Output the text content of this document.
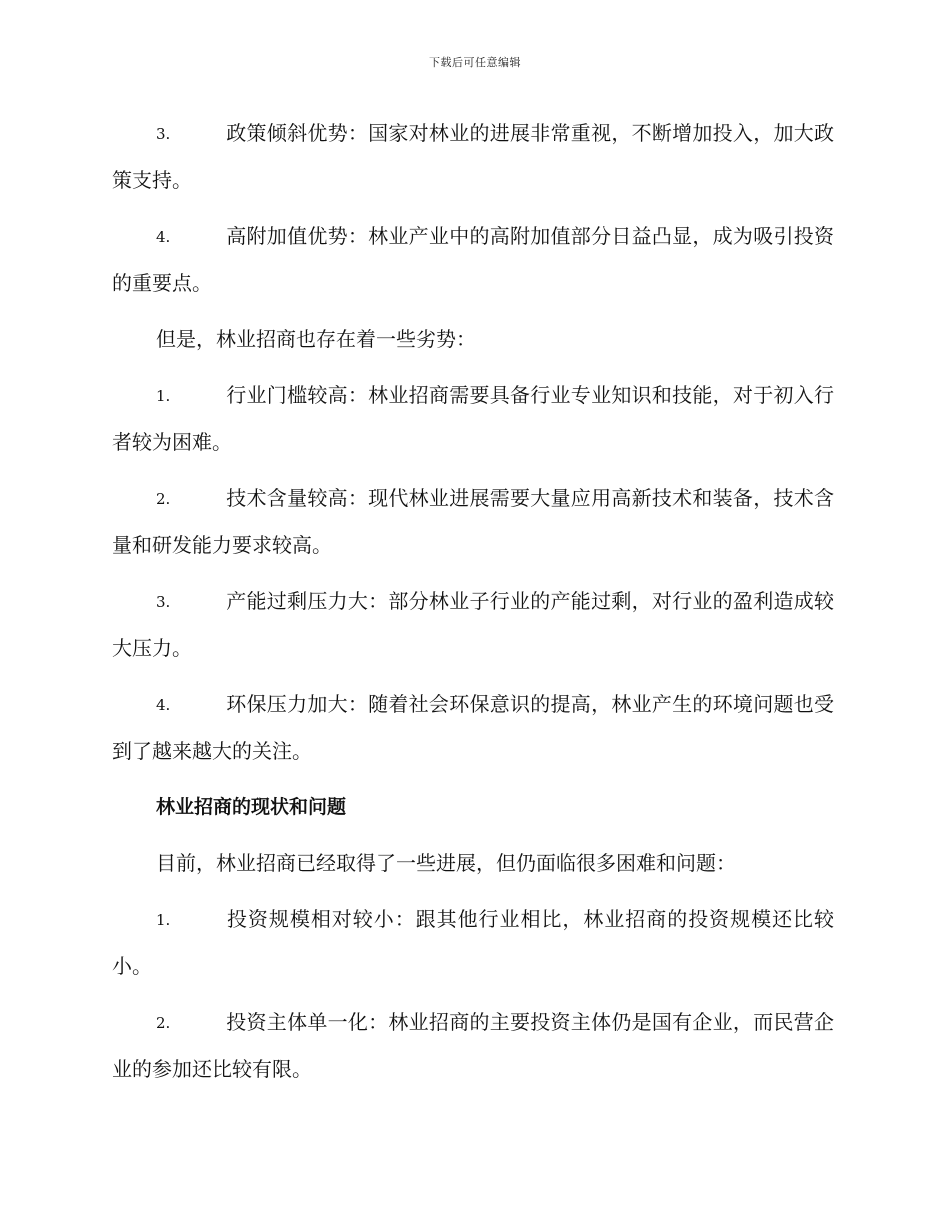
下载后可任意编辑
3.	政策倾斜优势：国家对林业的进展非常重视，不断增加投入，加大政策支持。
4.	高附加值优势：林业产业中的高附加值部分日益凸显，成为吸引投资的重要点。
但是，林业招商也存在着一些劣势：
1.	行业门槛较高：林业招商需要具备行业专业知识和技能，对于初入行者较为困难。
2.	技术含量较高：现代林业进展需要大量应用高新技术和装备，技术含量和研发能力要求较高。
3.	产能过剩压力大：部分林业子行业的产能过剩，对行业的盈利造成较大压力。
4.	环保压力加大：随着社会环保意识的提高，林业产生的环境问题也受到了越来越大的关注。
林业招商的现状和问题
目前，林业招商已经取得了一些进展，但仍面临很多困难和问题：
1.	投资规模相对较小：跟其他行业相比，林业招商的投资规模还比较小。
2.	投资主体单一化：林业招商的主要投资主体仍是国有企业，而民营企业的参加还比较有限。
